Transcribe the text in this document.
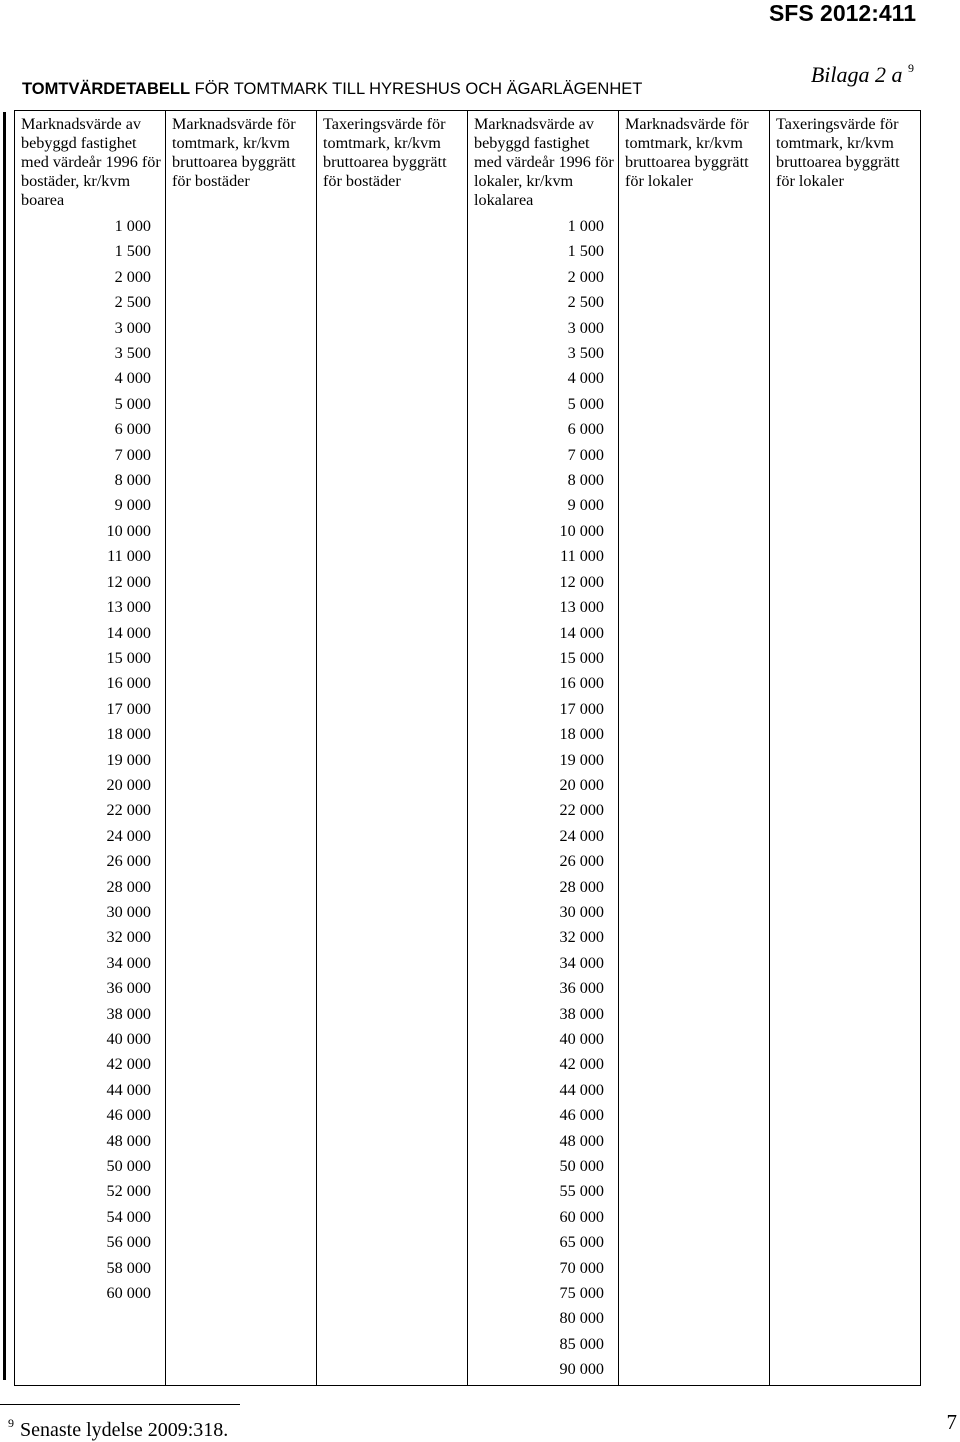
SFS 2012:411
Bilaga 2 a $^9$
TOMTVÄRDETABELL FÖR TOMTMARK TILL HYRESHUS OCH ÄGARLÄGENHET
Marknadsvärde av bebyggd fastighet med värdeår 1996 för bostäder, kr/kvm boarea	Marknadsvärde för tomtmark, kr/kvm bruttoarea byggrätt för bostäder	Taxeringsvärde för tomtmark, kr/kvm bruttoarea byggrätt för bostäder	Marknadsvärde av bebyggd fastighet med värdeår 1996 för lokaler, kr/kvm lokalarea	Marknadsvärde för tomtmark, kr/kvm bruttoarea byggrätt för lokaler	Taxeringsvärde för tomtmark, kr/kvm bruttoarea byggrätt för lokaler
1 000			1 000		
1 500			1 500		
2 000			2 000		
2 500			2 500		
3 000			3 000		
3 500			3 500		
4 000			4 000		
5 000			5 000		
6 000			6 000		
7 000			7 000		
8 000			8 000		
9 000			9 000		
10 000			10 000		
11 000			11 000		
12 000			12 000		
13 000			13 000		
14 000			14 000		
15 000			15 000		
16 000			16 000		
17 000			17 000		
18 000			18 000		
19 000			19 000		
20 000			20 000		
22 000			22 000		
24 000			24 000		
26 000			26 000		
28 000			28 000		
30 000			30 000		
32 000			32 000		
34 000			34 000		
36 000			36 000		
38 000			38 000		
40 000			40 000		
42 000			42 000		
44 000			44 000		
46 000			46 000		
48 000			48 000		
50 000			50 000		
52 000			55 000		
54 000			60 000		
56 000			65 000		
58 000			70 000		
60 000			75 000		
			80 000		
			85 000		
			90 000		
$^9$ Senaste lydelse 2009:318.	7
